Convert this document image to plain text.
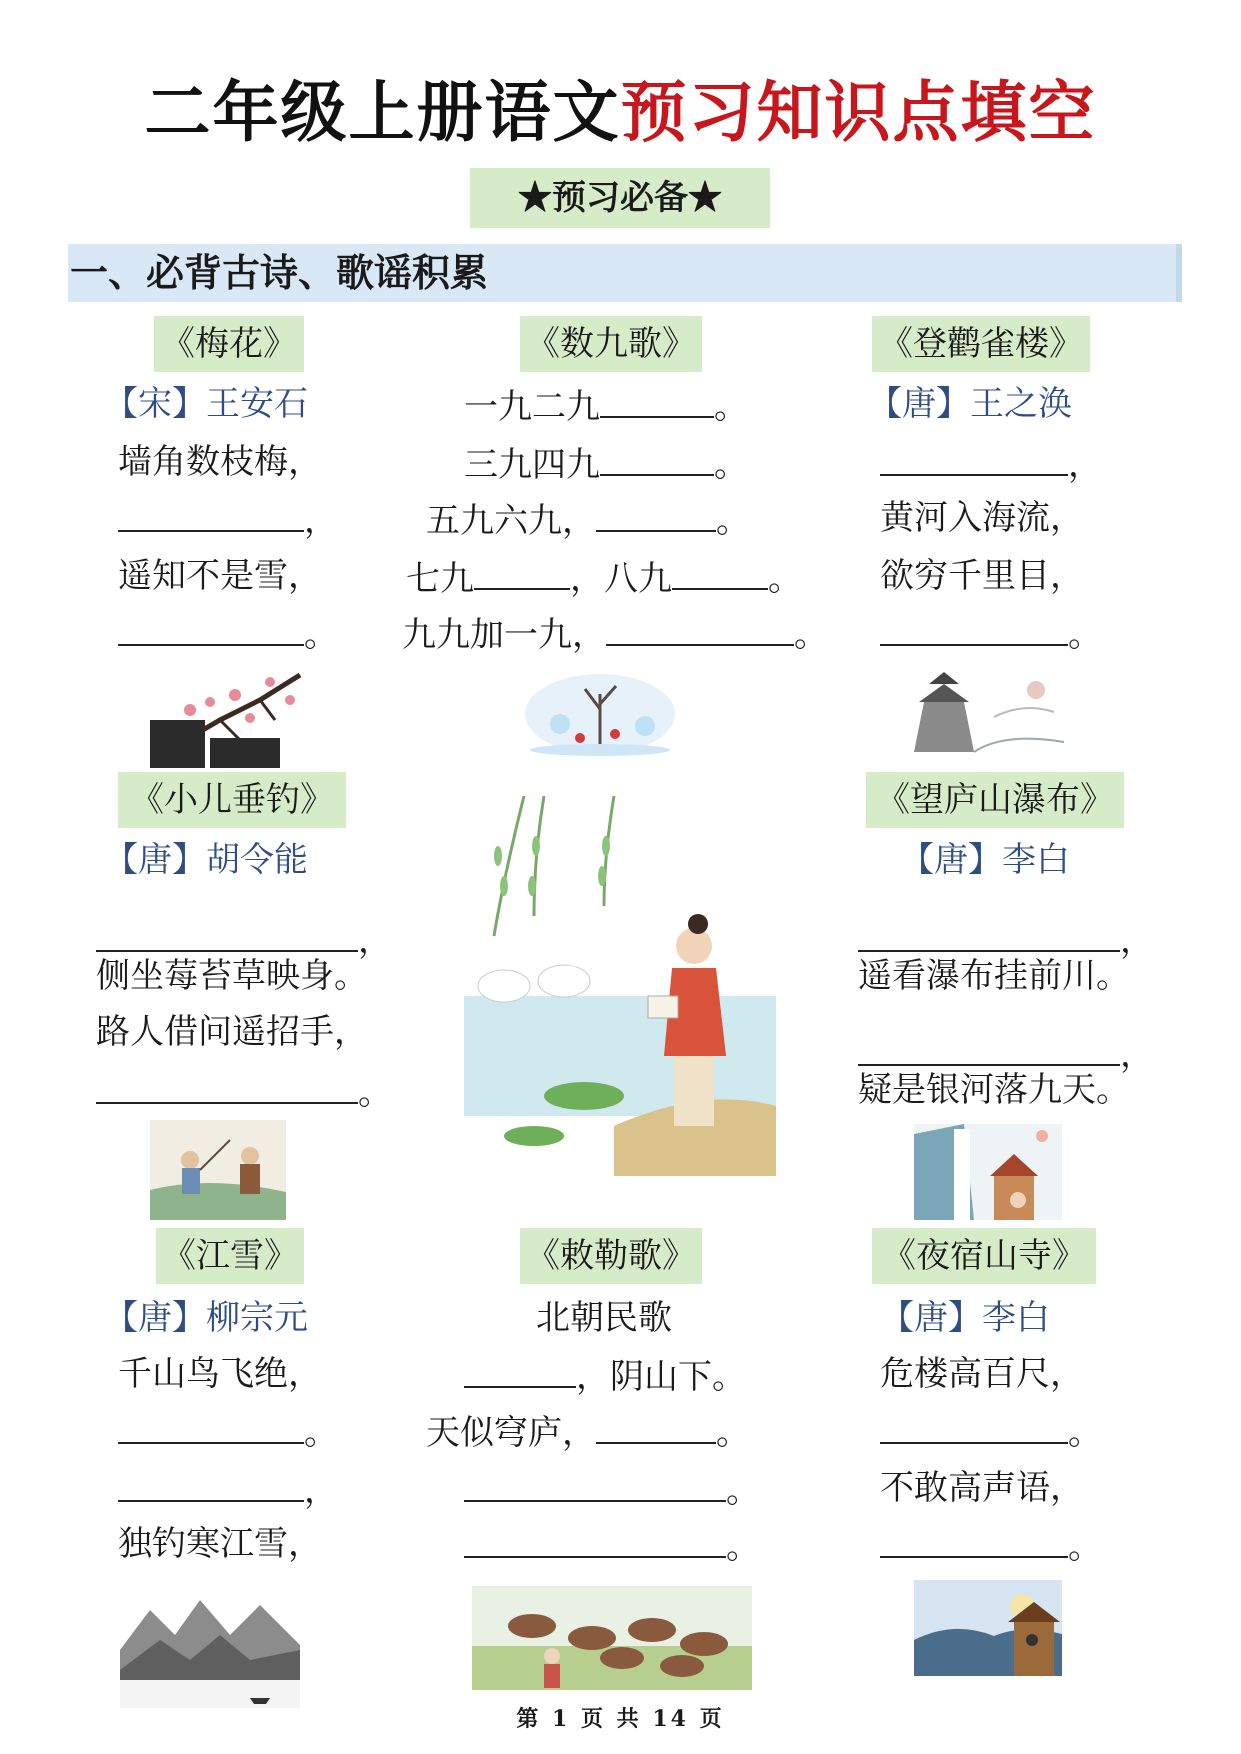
二年级上册语文预习知识点填空
★预习必备★
一、必背古诗、歌谣积累
《梅花》
【宋】王安石
墙角数枝梅，
，
遥知不是雪，
。
《数九歌》
一九二九	。
三九四九	。
五九六九，	。
七九	，八九	。
九九加一九，	。
《登鹳雀楼》
【唐】王之涣
，
黄河入海流，
欲穷千里目，
。
《小儿垂钓》
【唐】胡令能
，
侧坐莓苔草映身。
路人借问遥招手，
。
《望庐山瀑布》
【唐】李白
，
遥看瀑布挂前川。
，
疑是银河落九天。
《江雪》
【唐】柳宗元
千山鸟飞绝，
。
，
独钓寒江雪，
《敕勒歌》
北朝民歌
，阴山下。
天似穹庐，	。
。
。
《夜宿山寺》
【唐】李白
危楼高百尺，
。
不敢高声语，
。
第 1 页 共 14 页
